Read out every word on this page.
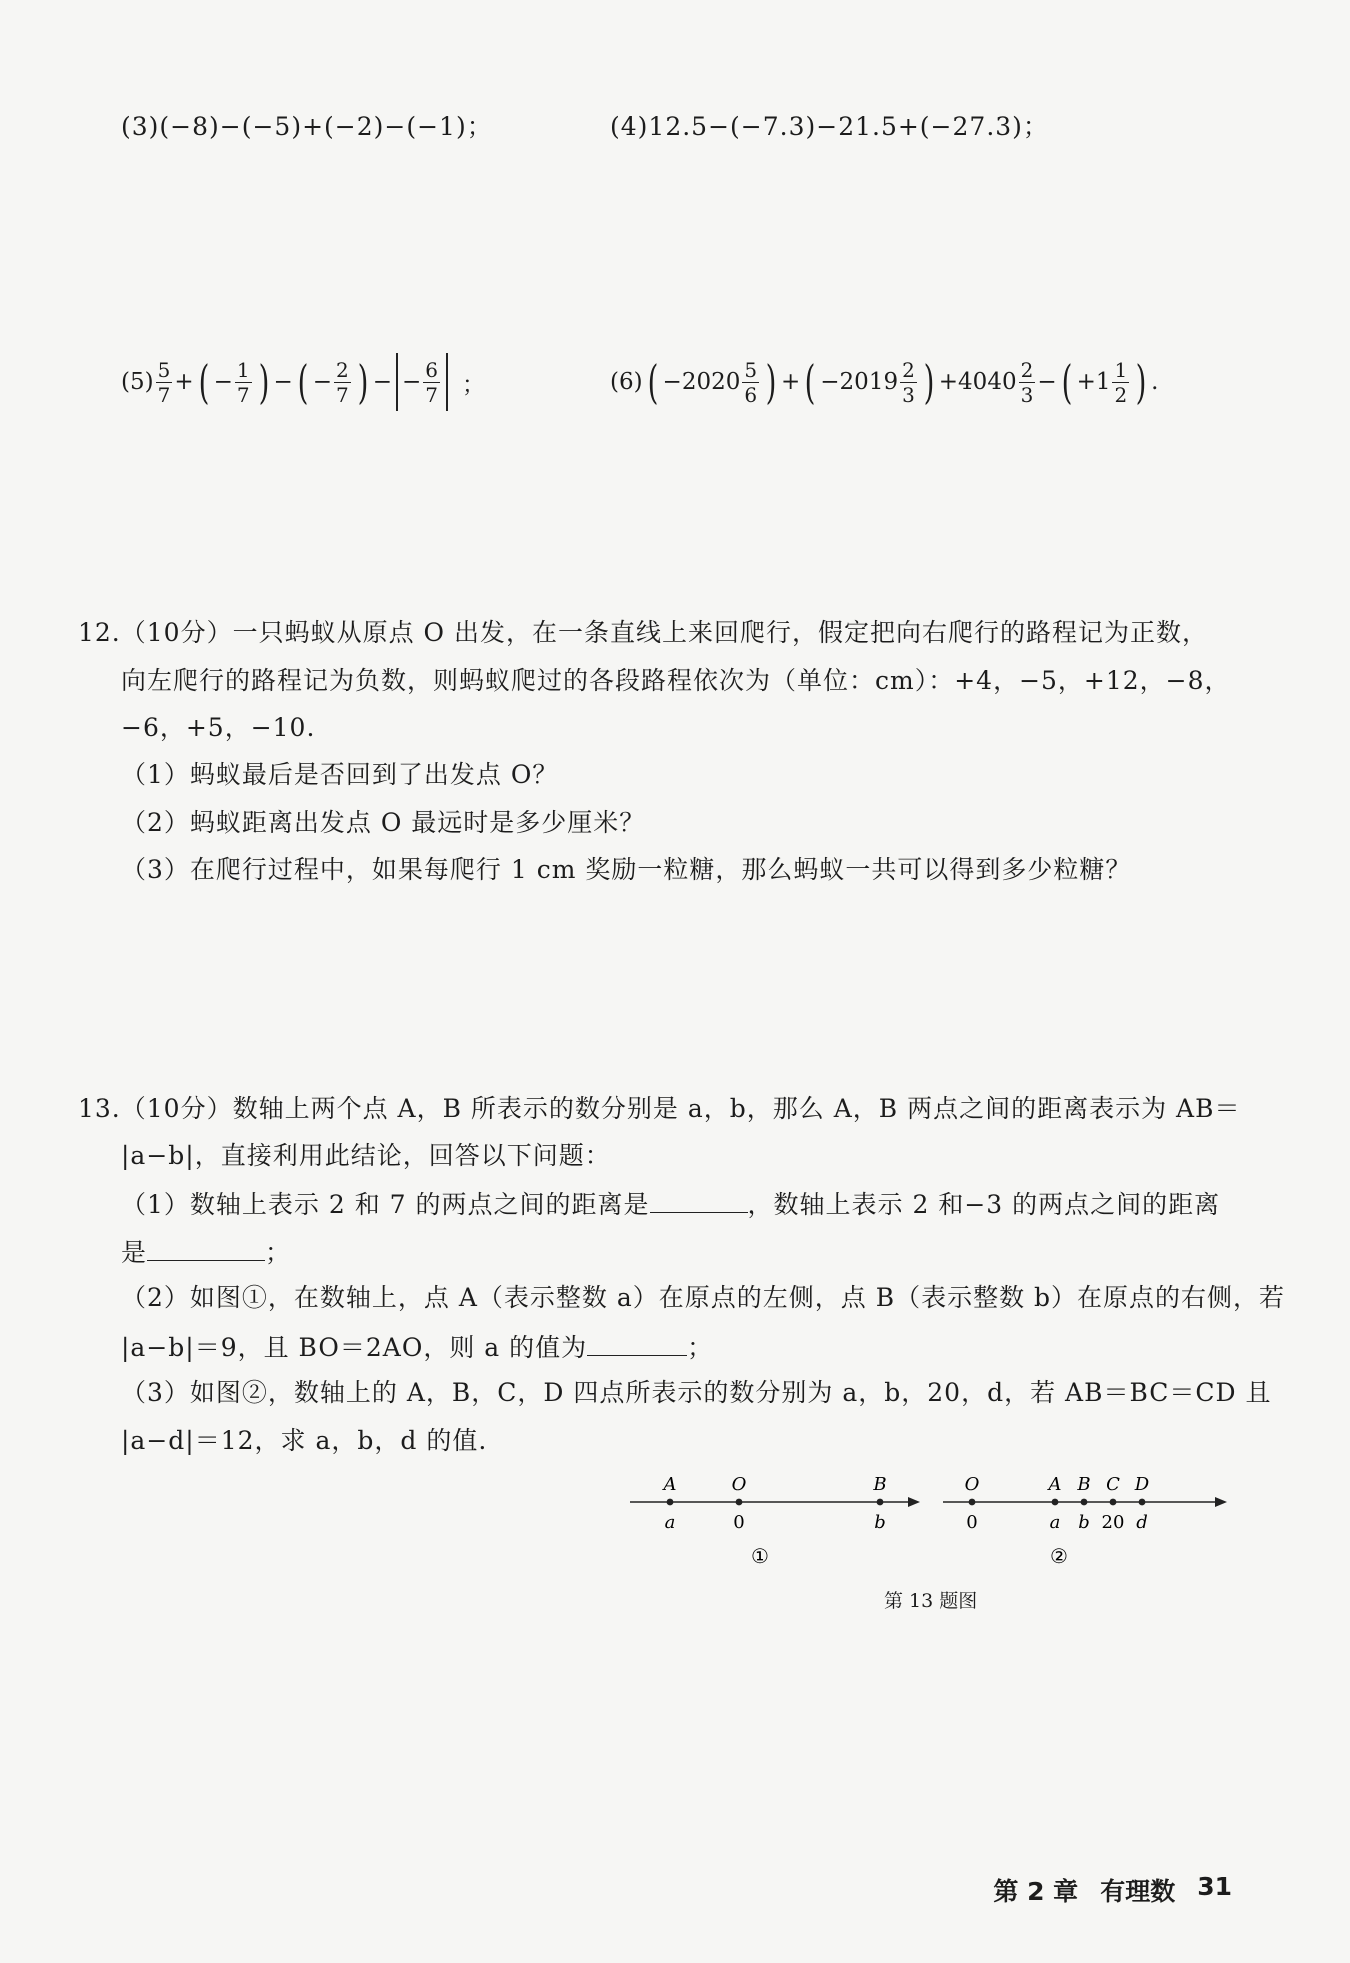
(3)(−8)−(−5)+(−2)−(−1)；	(4)12.5−(−7.3)−21.5+(−27.3)；
$(5) \frac{5}{7}$ + ( − $\frac{1}{7}$ ) − ( − $\frac{2}{7}$ ) − − $\frac{6}{7}$ ；	(6) ( $-2020 \frac{5}{6}$ ) + ( $-2019 \frac{2}{3}$ ) $+4040 \frac{2}{3}$ − ( $+1 \frac{1}{2}$ ) .
12.（10分）一只蚂蚁从原点 O 出发，在一条直线上来回爬行，假定把向右爬行的路程记为正数，
向左爬行的路程记为负数，则蚂蚁爬过的各段路程依次为（单位：cm）：+4，−5，+12，−8，
−6，+5，−10.
（1）蚂蚁最后是否回到了出发点 O？
（2）蚂蚁距离出发点 O 最远时是多少厘米？
（3）在爬行过程中，如果每爬行 1 cm 奖励一粒糖，那么蚂蚁一共可以得到多少粒糖？
13.（10分）数轴上两个点 A，B 所表示的数分别是 a，b，那么 A，B 两点之间的距离表示为 AB＝
|a−b|，直接利用此结论，回答以下问题：
（1）数轴上表示 2 和 7 的两点之间的距离是	，数轴上表示 2 和−3 的两点之间的距离
是	；
（2）如图①，在数轴上，点 A（表示整数 a）在原点的左侧，点 B（表示整数 b）在原点的右侧，若
|a−b|＝9，且 BO＝2AO，则 a 的值为	；
（3）如图②，数轴上的 A，B，C，D 四点所表示的数分别为 a，b，20，d，若 AB＝BC＝CD 且
|a−d|＝12，求 a，b，d 的值.
A	O	B
a	0	b
①
O	A B C D
0	a b 20 d
②
第 13 题图
第 2 章 有理数 31
